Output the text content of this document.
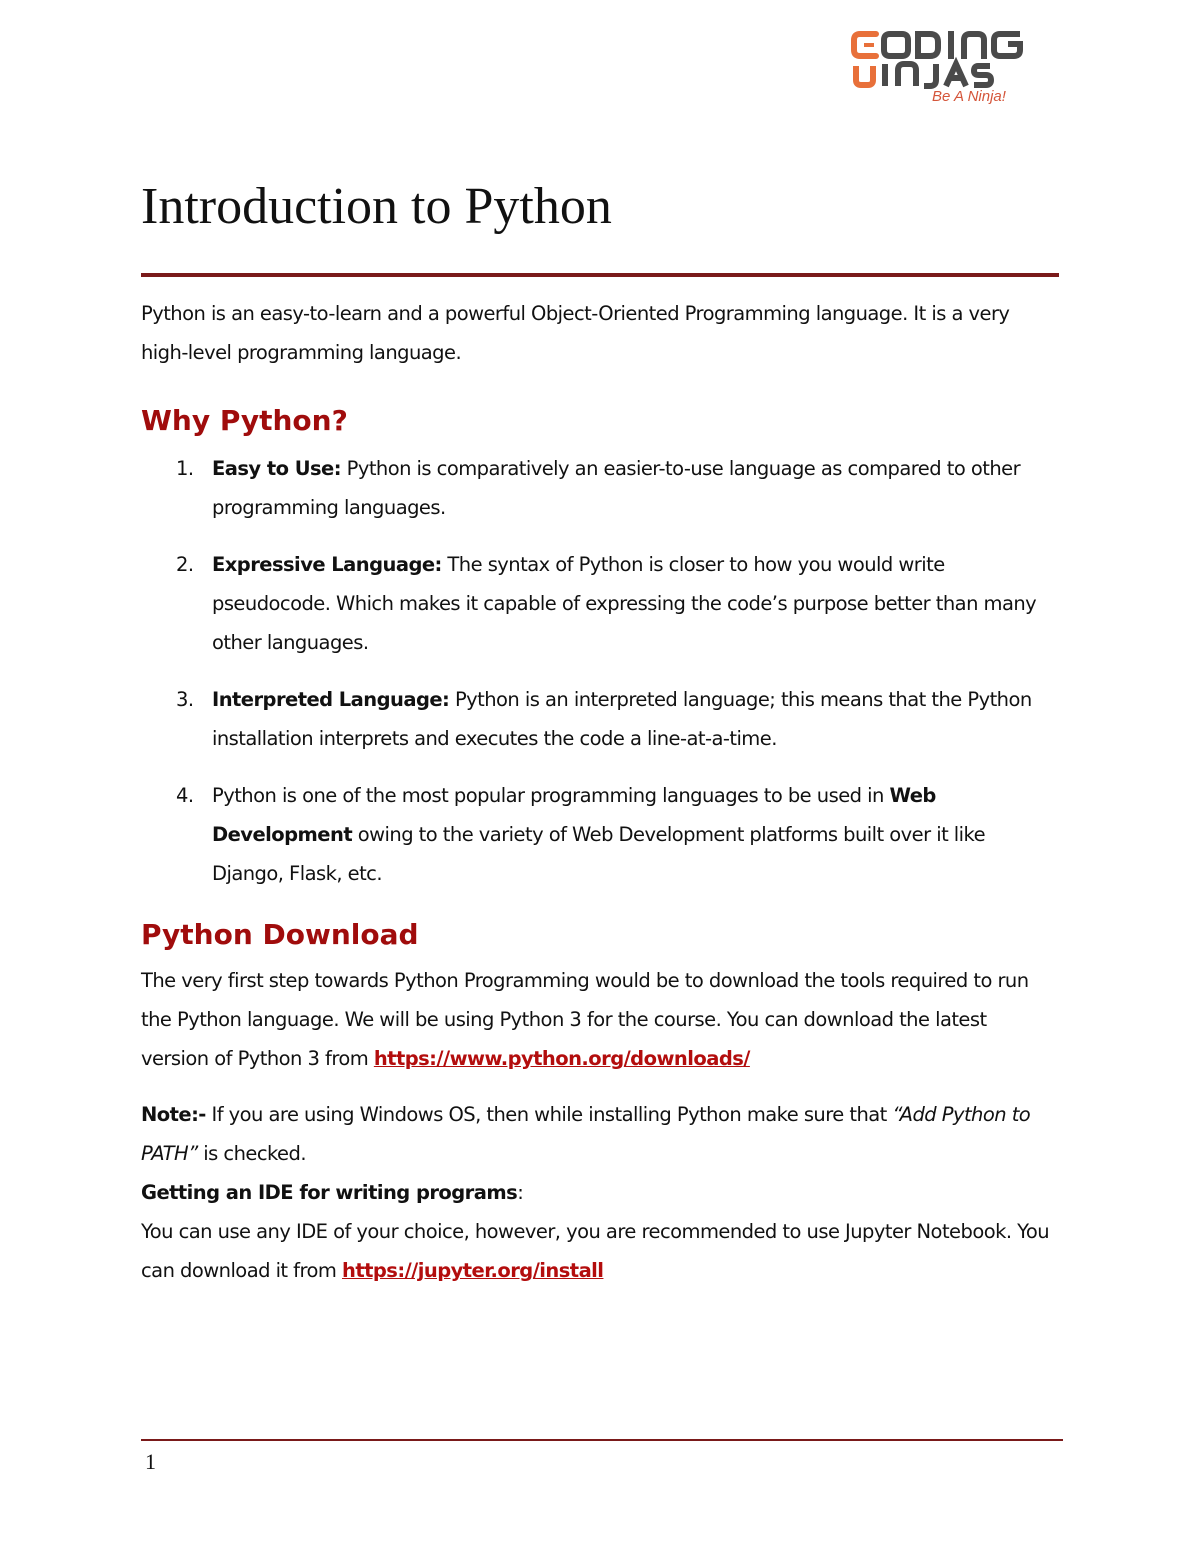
Be A Ninja!
Introduction to Python

Python is an easy-to-learn and a powerful Object-Oriented Programming language. It is a very high-level programming language.

Why Python?
1. Easy to Use: Python is comparatively an easier-to-use language as compared to other programming languages.
2. Expressive Language: The syntax of Python is closer to how you would write pseudocode. Which makes it capable of expressing the code’s purpose better than many other languages.
3. Interpreted Language: Python is an interpreted language; this means that the Python installation interprets and executes the code a line-at-a-time.
4. Python is one of the most popular programming languages to be used in Web Development owing to the variety of Web Development platforms built over it like Django, Flask, etc.
Python Download

The very first step towards Python Programming would be to download the tools required to run the Python language. We will be using Python 3 for the course. You can download the latest version of Python 3 from https://www.python.org/downloads/

Note:- If you are using Windows OS, then while installing Python make sure that “Add Python to PATH” is checked.

Getting an IDE for writing programs:

You can use any IDE of your choice, however, you are recommended to use Jupyter Notebook. You can download it from https://jupyter.org/install

1
